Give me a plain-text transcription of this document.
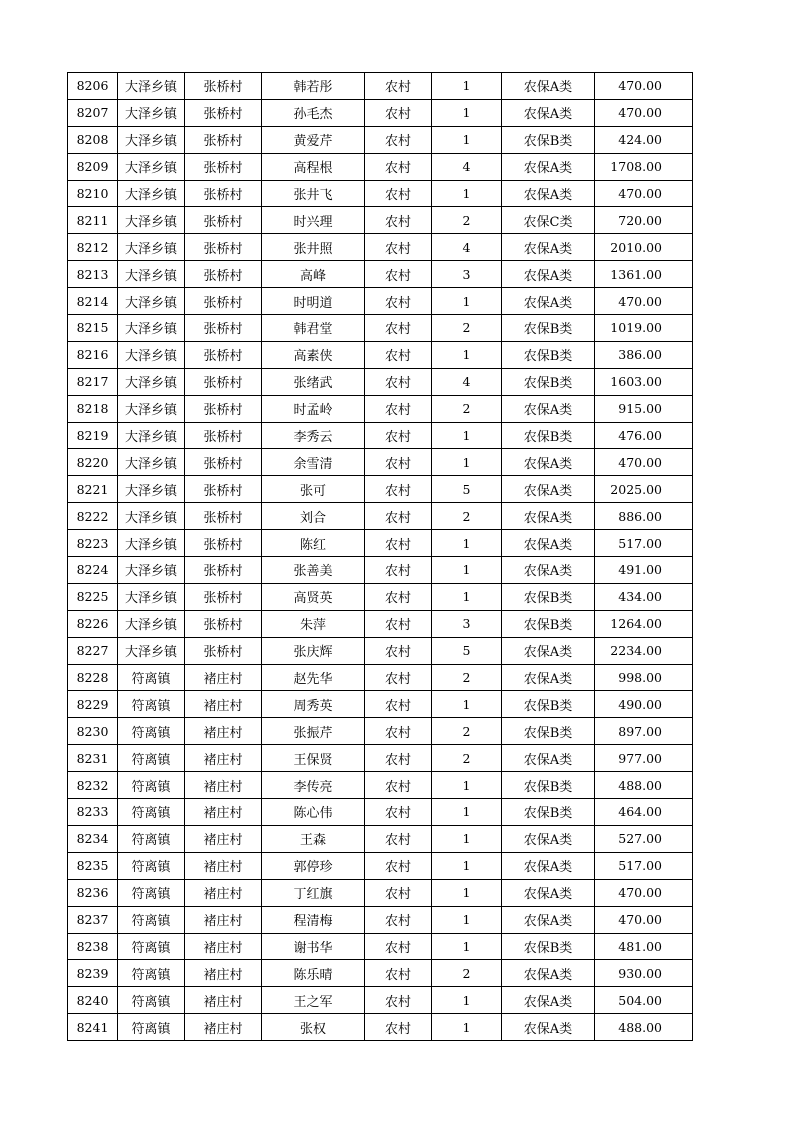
8206	大泽乡镇	张桥村	韩若彤	农村	1	农保A类	470.00
8207	大泽乡镇	张桥村	孙毛杰	农村	1	农保A类	470.00
8208	大泽乡镇	张桥村	黄爱芹	农村	1	农保B类	424.00
8209	大泽乡镇	张桥村	高程根	农村	4	农保A类	1708.00
8210	大泽乡镇	张桥村	张井飞	农村	1	农保A类	470.00
8211	大泽乡镇	张桥村	时兴理	农村	2	农保C类	720.00
8212	大泽乡镇	张桥村	张井照	农村	4	农保A类	2010.00
8213	大泽乡镇	张桥村	高峰	农村	3	农保A类	1361.00
8214	大泽乡镇	张桥村	时明道	农村	1	农保A类	470.00
8215	大泽乡镇	张桥村	韩君堂	农村	2	农保B类	1019.00
8216	大泽乡镇	张桥村	高素侠	农村	1	农保B类	386.00
8217	大泽乡镇	张桥村	张绪武	农村	4	农保B类	1603.00
8218	大泽乡镇	张桥村	时孟岭	农村	2	农保A类	915.00
8219	大泽乡镇	张桥村	李秀云	农村	1	农保B类	476.00
8220	大泽乡镇	张桥村	余雪清	农村	1	农保A类	470.00
8221	大泽乡镇	张桥村	张可	农村	5	农保A类	2025.00
8222	大泽乡镇	张桥村	刘合	农村	2	农保A类	886.00
8223	大泽乡镇	张桥村	陈红	农村	1	农保A类	517.00
8224	大泽乡镇	张桥村	张善美	农村	1	农保A类	491.00
8225	大泽乡镇	张桥村	高贤英	农村	1	农保B类	434.00
8226	大泽乡镇	张桥村	朱萍	农村	3	农保B类	1264.00
8227	大泽乡镇	张桥村	张庆辉	农村	5	农保A类	2234.00
8228	符离镇	褚庄村	赵先华	农村	2	农保A类	998.00
8229	符离镇	褚庄村	周秀英	农村	1	农保B类	490.00
8230	符离镇	褚庄村	张振芹	农村	2	农保B类	897.00
8231	符离镇	褚庄村	王保贤	农村	2	农保A类	977.00
8232	符离镇	褚庄村	李传亮	农村	1	农保B类	488.00
8233	符离镇	褚庄村	陈心伟	农村	1	农保B类	464.00
8234	符离镇	褚庄村	王森	农村	1	农保A类	527.00
8235	符离镇	褚庄村	郭停珍	农村	1	农保A类	517.00
8236	符离镇	褚庄村	丁红旗	农村	1	农保A类	470.00
8237	符离镇	褚庄村	程清梅	农村	1	农保A类	470.00
8238	符离镇	褚庄村	谢书华	农村	1	农保B类	481.00
8239	符离镇	褚庄村	陈乐晴	农村	2	农保A类	930.00
8240	符离镇	褚庄村	王之军	农村	1	农保A类	504.00
8241	符离镇	褚庄村	张权	农村	1	农保A类	488.00
